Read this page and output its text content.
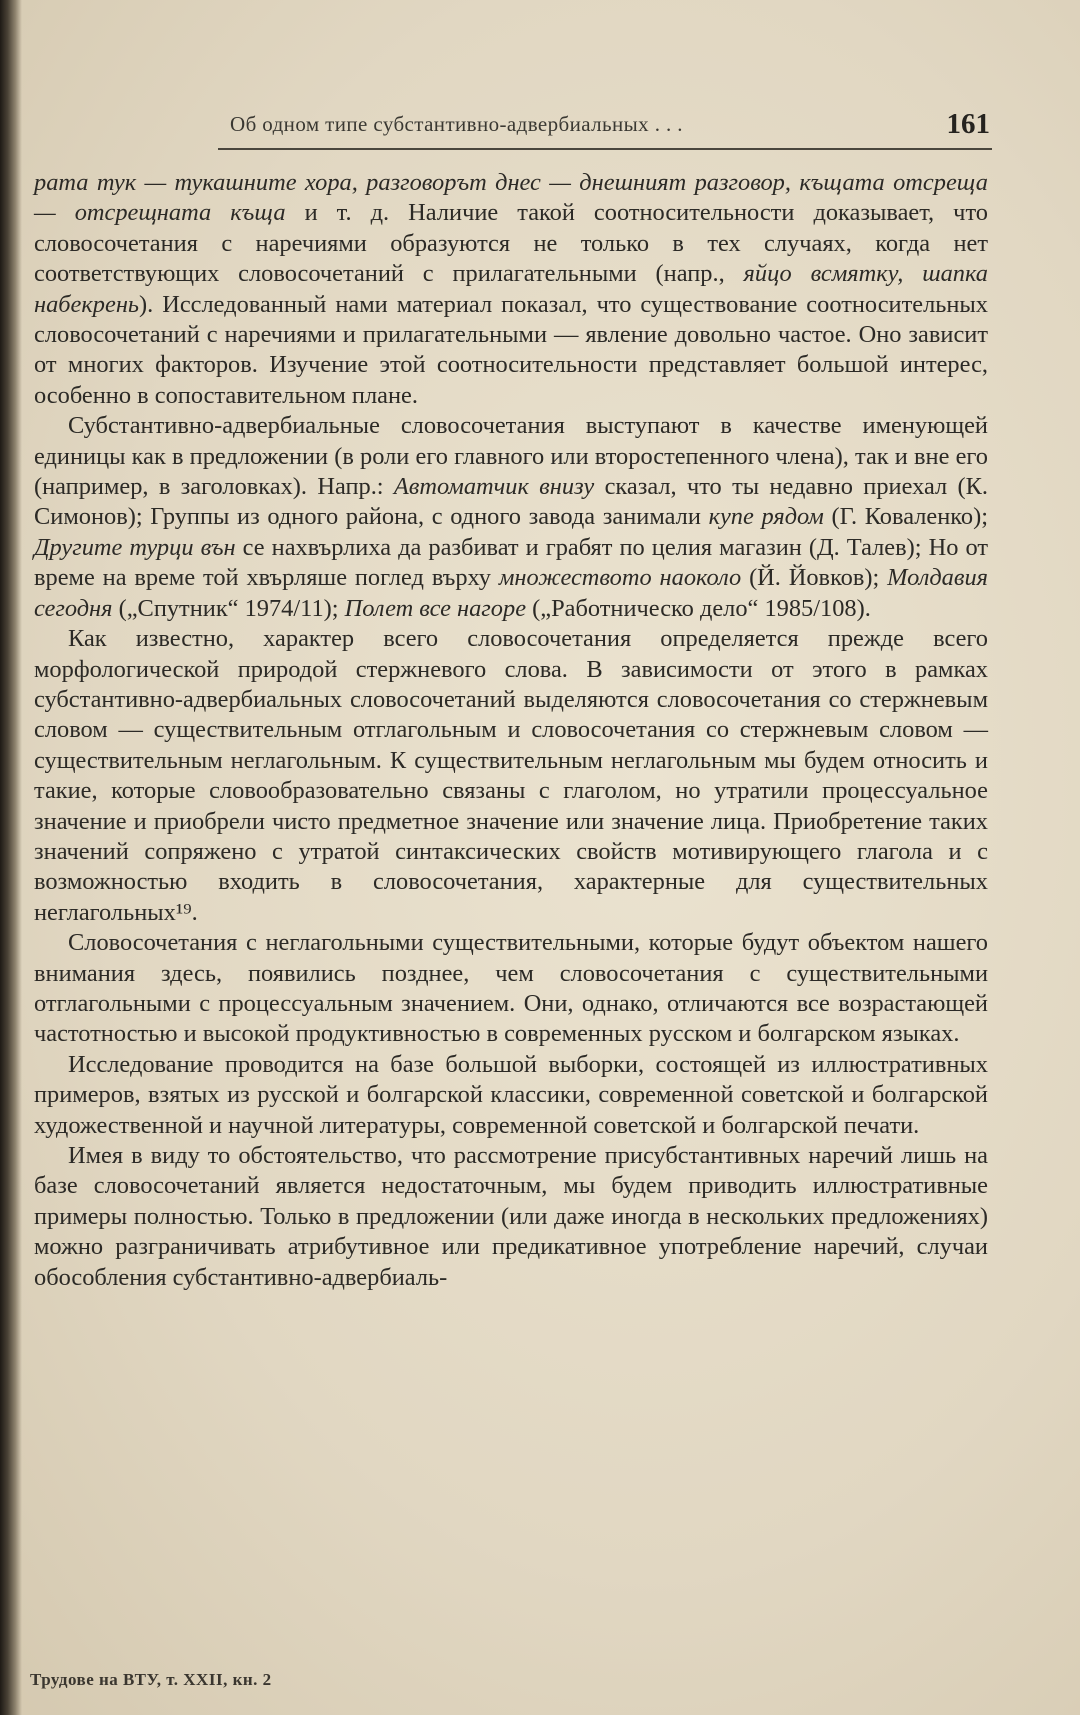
Об одном типе субстантивно-адвербиальных . . .	161

рата тук — тукашните хора, разговорът днес — днешният разговор, къщата отсреща — отсрещната къща и т. д. Наличие такой соотносительности доказывает, что словосочетания с наречиями образуются не только в тех случаях, когда нет соответствующих словосочетаний с прилагательными (напр., яйцо всмятку, шапка набекрень). Исследованный нами материал показал, что существование соотносительных словосочетаний с наречиями и прилагательными — явление довольно частое. Оно зависит от многих факторов. Изучение этой соотносительности представляет большой интерес, особенно в сопоставительном плане.

Субстантивно-адвербиальные словосочетания выступают в качестве именующей единицы как в предложении (в роли его главного или второстепенного члена), так и вне его (например, в заголовках). Напр.: Автоматчик внизу сказал, что ты недавно приехал (К. Симонов); Группы из одного района, с одного завода занимали купе рядом (Г. Коваленко); Другите турци вън се нахвърлиха да разбиват и грабят по целия магазин (Д. Талев); Но от време на време той хвърляше поглед върху множеството наоколо (Й. Йовков); Молдавия сегодня („Спутник“ 1974/11); Полет все нагоре („Работническо дело“ 1985/108).

Как известно, характер всего словосочетания определяется прежде всего морфологической природой стержневого слова. В зависимости от этого в рамках субстантивно-адвербиальных словосочетаний выделяются словосочетания со стержневым словом — существительным отглагольным и словосочетания со стержневым словом — существительным неглагольным. К существительным неглагольным мы будем относить и такие, которые словообразовательно связаны с глаголом, но утратили процессуальное значение и приобрели чисто предметное значение или значение лица. Приобретение таких значений сопряжено с утратой синтаксических свойств мотивирующего глагола и с возможностью входить в словосочетания, характерные для существительных неглагольных¹⁹.

Словосочетания с неглагольными существительными, которые будут объектом нашего внимания здесь, появились позднее, чем словосочетания с существительными отглагольными с процессуальным значением. Они, однако, отличаются все возрастающей частотностью и высокой продуктивностью в современных русском и болгарском языках.

Исследование проводится на базе большой выборки, состоящей из иллюстративных примеров, взятых из русской и болгарской классики, современной советской и болгарской художественной и научной литературы, современной советской и болгарской печати.

Имея в виду то обстоятельство, что рассмотрение присубстантивных наречий лишь на базе словосочетаний является недостаточным, мы будем приводить иллюстративные примеры полностью. Только в предложении (или даже иногда в нескольких предложениях) можно разграничивать атрибутивное или предикативное употребление наречий, случаи обособления субстантивно-адвербиаль-

Трудове на ВТУ, т. XXII, кн. 2
